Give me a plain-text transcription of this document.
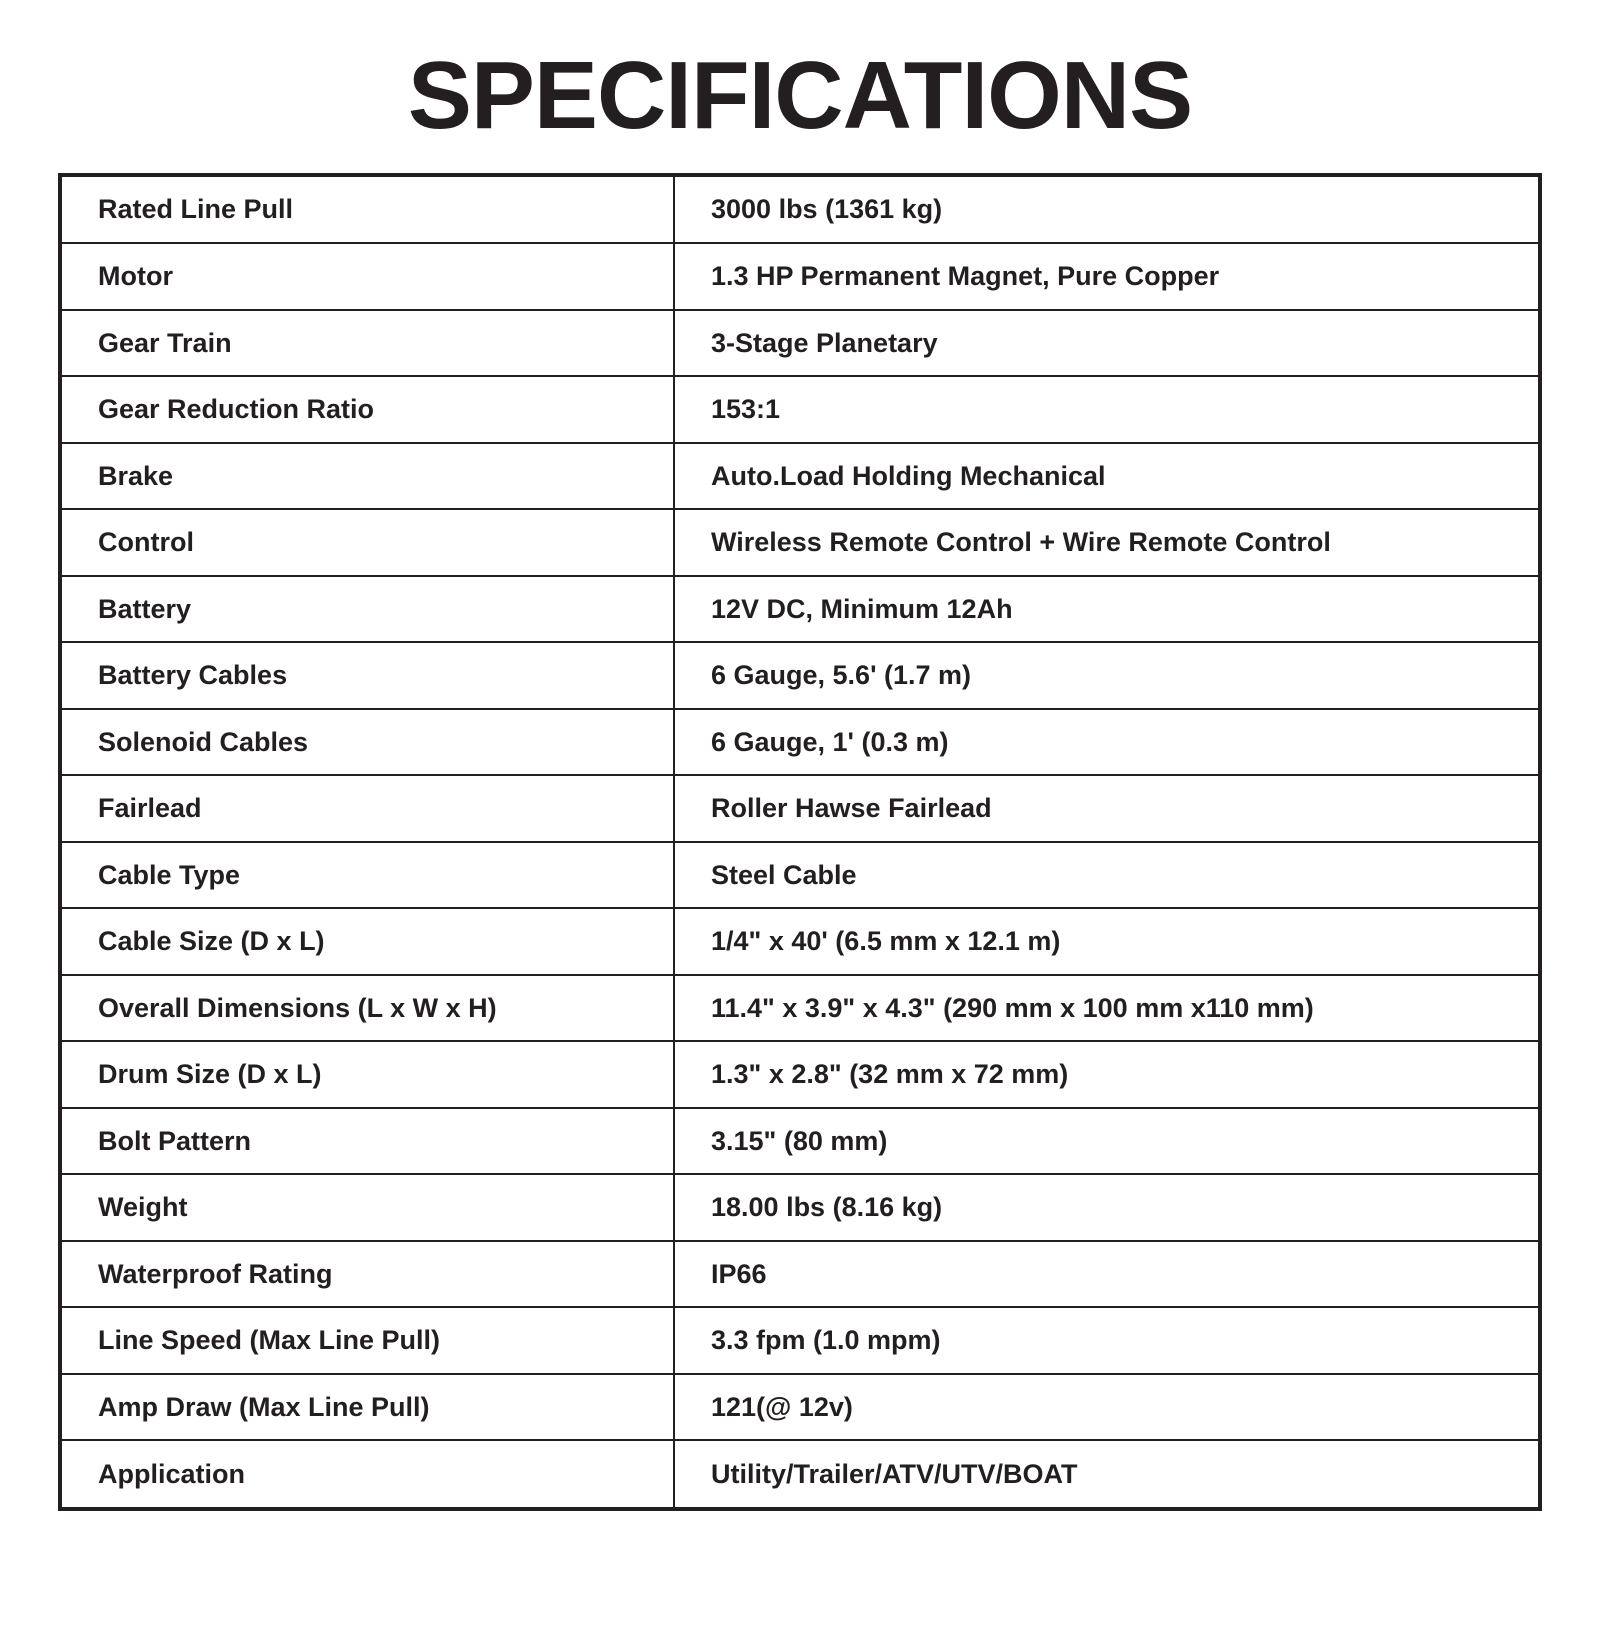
SPECIFICATIONS
Rated Line Pull	3000 lbs (1361 kg)
Motor	1.3 HP Permanent Magnet, Pure Copper
Gear Train	3-Stage Planetary
Gear Reduction Ratio	153:1
Brake	Auto.Load Holding Mechanical
Control	Wireless Remote Control + Wire Remote Control
Battery	12V DC, Minimum 12Ah
Battery Cables	6 Gauge, 5.6' (1.7 m)
Solenoid Cables	6 Gauge, 1' (0.3 m)
Fairlead	Roller Hawse Fairlead
Cable Type	Steel Cable
Cable Size (D x L)	1/4" x 40' (6.5 mm x 12.1 m)
Overall Dimensions (L x W x H)	11.4" x 3.9" x 4.3" (290 mm x 100 mm x110 mm)
Drum Size (D x L)	1.3" x 2.8" (32 mm x 72 mm)
Bolt Pattern	3.15" (80 mm)
Weight	18.00 lbs (8.16 kg)
Waterproof Rating	IP66
Line Speed (Max Line Pull)	3.3 fpm (1.0 mpm)
Amp Draw (Max Line Pull)	121(@ 12v)
Application	Utility/Trailer/ATV/UTV/BOAT
